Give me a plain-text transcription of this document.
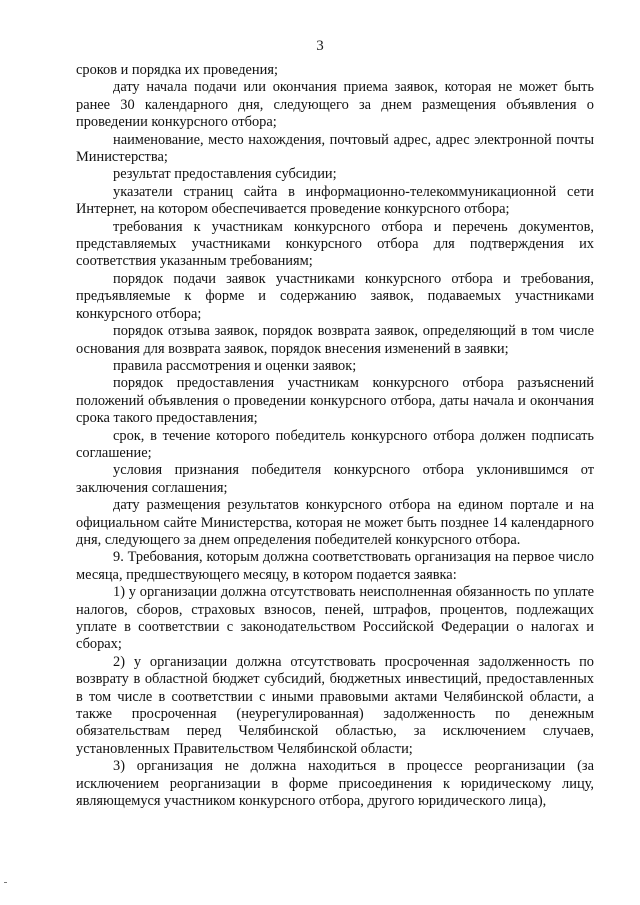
3

сроков и порядка их проведения;

дату начала подачи или окончания приема заявок, которая не может быть ранее 30 календарного дня, следующего за днем размещения объявления о проведении конкурсного отбора;

наименование, место нахождения, почтовый адрес, адрес электронной почты Министерства;

результат предоставления субсидии;

указатели страниц сайта в информационно-телекоммуникационной сети Интернет, на котором обеспечивается проведение конкурсного отбора;

требования к участникам конкурсного отбора и перечень документов, представляемых участниками конкурсного отбора для подтверждения их соответствия указанным требованиям;

порядок подачи заявок участниками конкурсного отбора и требования, предъявляемые к форме и содержанию заявок, подаваемых участниками конкурсного отбора;

порядок отзыва заявок, порядок возврата заявок, определяющий в том числе основания для возврата заявок, порядок внесения изменений в заявки;

правила рассмотрения и оценки заявок;

порядок предоставления участникам конкурсного отбора разъяснений положений объявления о проведении конкурсного отбора, даты начала и окончания срока такого предоставления;

срок, в течение которого победитель конкурсного отбора должен подписать соглашение;

условия признания победителя конкурсного отбора уклонившимся от заключения соглашения;

дату размещения результатов конкурсного отбора на едином портале и на официальном сайте Министерства, которая не может быть позднее 14 календарного дня, следующего за днем определения победителей конкурсного отбора.

9. Требования, которым должна соответствовать организация на первое число месяца, предшествующего месяцу, в котором подается заявка:

1) у организации должна отсутствовать неисполненная обязанность по уплате налогов, сборов, страховых взносов, пеней, штрафов, процентов, подлежащих уплате в соответствии с законодательством Российской Федерации о налогах и сборах;

2) у организации должна отсутствовать просроченная задолженность по возврату в областной бюджет субсидий, бюджетных инвестиций, предоставленных в том числе в соответствии с иными правовыми актами Челябинской области, а также просроченная (неурегулированная) задолженность по денежным обязательствам перед Челябинской областью, за исключением случаев, установленных Правительством Челябинской области;

3) организация не должна находиться в процессе реорганизации (за исключением реорганизации в форме присоединения к юридическому лицу, являющемуся участником конкурсного отбора, другого юридического лица),
